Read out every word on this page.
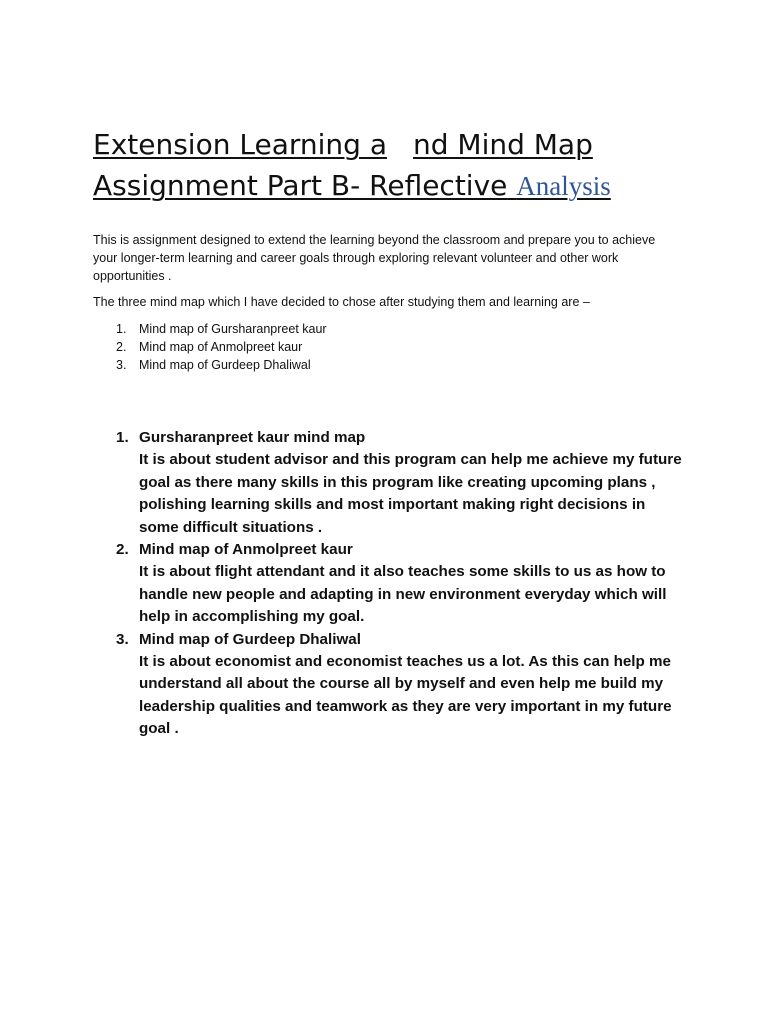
Extension Learning a nd Mind Map
Assignment Part B- Reflective Analysis

This is assignment designed to extend the learning beyond the classroom and prepare you to achieve your longer-term learning and career goals through exploring relevant volunteer and other work opportunities .

The three mind map which I have decided to chose after studying them and learning are –

1. Mind map of Gursharanpreet kaur
2. Mind map of Anmolpreet kaur
3. Mind map of Gurdeep Dhaliwal
1. Gursharanpreet kaur mind map
It is about student advisor and this program can help me achieve my future goal as there many skills in this program like creating upcoming plans , polishing learning skills and most important making right decisions in some difficult situations .
2. Mind map of Anmolpreet kaur
It is about flight attendant and it also teaches some skills to us as how to handle new people and adapting in new environment everyday which will help in accomplishing my goal.
3. Mind map of Gurdeep Dhaliwal
It is about economist and economist teaches us a lot. As this can help me understand all about the course all by myself and even help me build my leadership qualities and teamwork as they are very important in my future goal .
